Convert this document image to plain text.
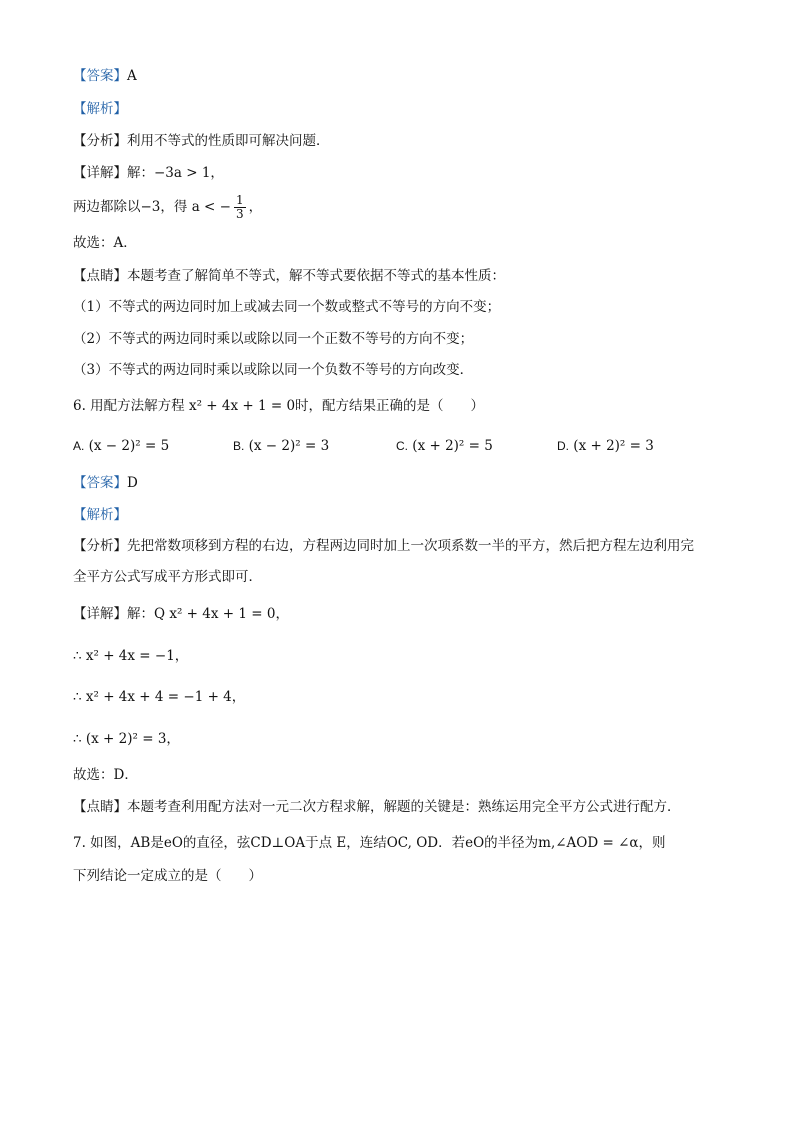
【答案】A
【解析】
【分析】利用不等式的性质即可解决问题．
【详解】解：−3a > 1，
两边都除以−3，得 a < − $\frac{1}{3}$ ，
故选：A．
【点睛】本题考查了解简单不等式，解不等式要依据不等式的基本性质：
（1）不等式的两边同时加上或减去同一个数或整式不等号的方向不变；
（2）不等式的两边同时乘以或除以同一个正数不等号的方向不变；
（3）不等式的两边同时乘以或除以同一个负数不等号的方向改变．
6. 用配方法解方程 x² + 4x + 1 = 0时，配方结果正确的是（　　）
A. (x − 2)² = 5	B. (x − 2)² = 3	C. (x + 2)² = 5	D. (x + 2)² = 3
【答案】D
【解析】
【分析】先把常数项移到方程的右边，方程两边同时加上一次项系数一半的平方，然后把方程左边利用完
全平方公式写成平方形式即可．
【详解】解：Q x² + 4x + 1 = 0，
∴ x² + 4x = −1，
∴ x² + 4x + 4 = −1 + 4，
∴ (x + 2)² = 3，
故选：D．
【点睛】本题考查利用配方法对一元二次方程求解，解题的关键是：熟练运用完全平方公式进行配方．
7. 如图，AB是eO的直径，弦CD⊥OA于点 E，连结OC, OD．若eO的半径为m,∠AOD = ∠α，则
下列结论一定成立的是（　　）
